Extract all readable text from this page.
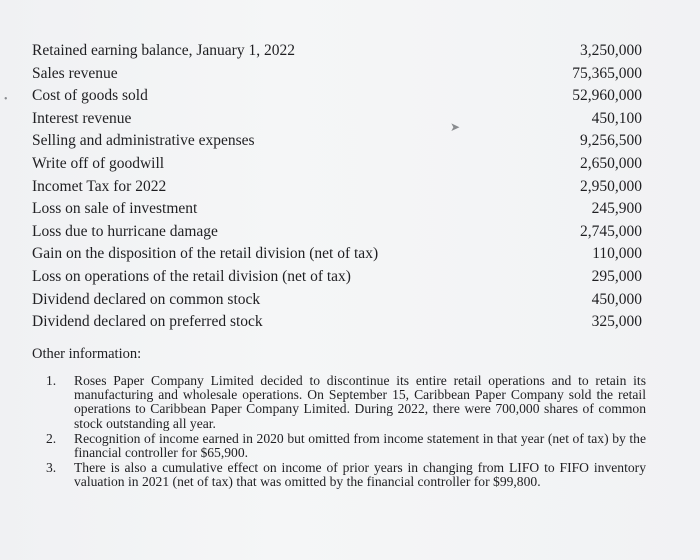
•
➤
Retained earning balance, January 1, 2022	3,250,000
Sales revenue	75,365,000
Cost of goods sold	52,960,000
Interest revenue	450,100
Selling and administrative expenses	9,256,500
Write off of goodwill	2,650,000
Incomet Tax for 2022	2,950,000
Loss on sale of investment	245,900
Loss due to hurricane damage	2,745,000
Gain on the disposition of the retail division (net of tax)	110,000
Loss on operations of the retail division (net of tax)	295,000
Dividend declared on common stock	450,000
Dividend declared on preferred stock	325,000
Other information:
1.	Roses Paper Company Limited decided to discontinue its entire retail operations and to retain its manufacturing and wholesale operations. On September 15, Caribbean Paper Company sold the retail operations to Caribbean Paper Company Limited. During 2022, there were 700,000 shares of common stock outstanding all year.
2.	Recognition of income earned in 2020 but omitted from income statement in that year (net of tax) by the financial controller for $65,900.
3.	There is also a cumulative effect on income of prior years in changing from LIFO to FIFO inventory valuation in 2021 (net of tax) that was omitted by the financial controller for $99,800.
